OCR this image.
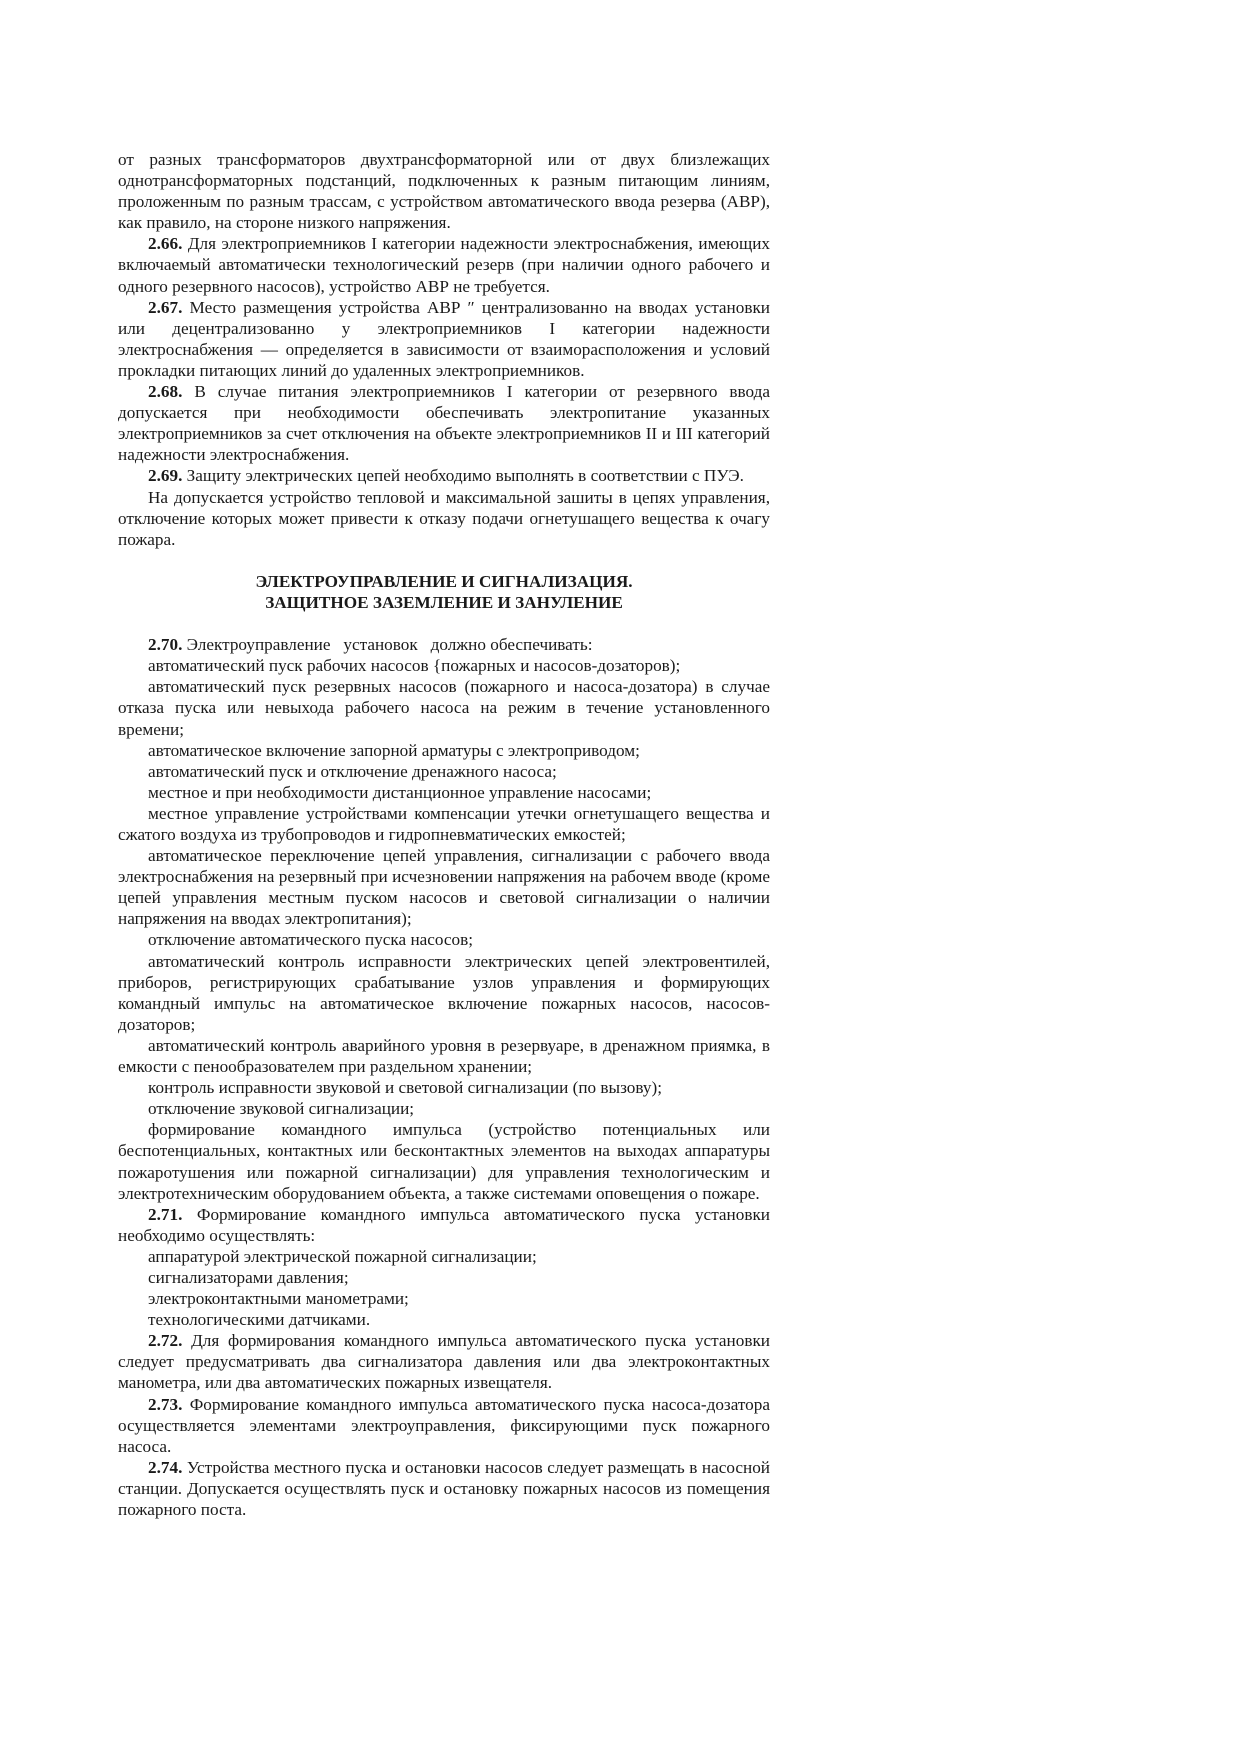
от разных трансформаторов двухтрансформаторной или от двух близлежащих однотрансформаторных подстанций, подключенных к разным питающим линиям, проложенным по разным трассам, с устройством автоматического ввода резерва (АВР), как правило, на стороне низкого напряжения.

2.66. Для электроприемников I категории надежности электроснабжения, имеющих включаемый автоматически технологический резерв (при наличии одного рабочего и одного резервного насосов), устройство АВР не требуется.

2.67. Место размещения устройства АВР ″ централизованно на вводах установки или децентрализованно у электроприемников I категории надежности электроснабжения — определяется в зависимости от взаиморасположения и условий прокладки питающих линий до удаленных электроприемников.

2.68. В случае питания электроприемников I категории от резервного ввода допускается при необходимости обеспечивать электропитание указанных электроприемников за счет отключения на объекте электроприемников II и III категорий надежности электроснабжения.

2.69. Защиту электрических цепей необходимо выполнять в соответствии с ПУЭ.

На допускается устройство тепловой и максимальной зашиты в цепях управления, отключение которых может привести к отказу подачи огнетушащего вещества к очагу пожара.

ЭЛЕКТРОУПРАВЛЕНИЕ И СИГНАЛИЗАЦИЯ.

ЗАЩИТНОЕ ЗАЗЕМЛЕНИЕ И ЗАНУЛЕНИЕ

2.70. Электроуправление   установок   должно обеспечивать:

автоматический пуск рабочих насосов {пожарных и насосов-дозаторов);

автоматический пуск резервных насосов (пожарного и насоса-дозатора) в случае отказа пуска или невыхода рабочего насоса на режим в течение установленного времени;

автоматическое включение запорной арматуры с электроприводом;

автоматический пуск и отключение дренажного насоса;

местное и при необходимости дистанционное управление насосами;

местное управление устройствами компенсации утечки огнетушащего вещества и сжатого воздуха из трубопроводов и гидропневматических емкостей;

автоматическое переключение цепей управления, сигнализации с рабочего ввода электроснабжения на резервный при исчезновении напряжения на рабочем вводе (кроме цепей управления местным пуском насосов и световой сигнализации о наличии напряжения на вводах электропитания);

отключение автоматического пуска насосов;

автоматический контроль исправности электрических цепей электровентилей, приборов, регистрирующих срабатывание узлов управления и формирующих командный импульс на автоматическое включение пожарных насосов, насосов-дозаторов;

автоматический контроль аварийного уровня в резервуаре, в дренажном приямка, в емкости с пенообразователем при раздельном хранении;

контроль исправности звуковой и световой сигнализации (по вызову);

отключение звуковой сигнализации;

формирование командного импульса (устройство потенциальных или беспотенциальных, контактных или бесконтактных элементов на выходах аппаратуры пожаротушения или пожарной сигнализации) для управления технологическим и электротехническим оборудованием объекта, а также системами оповещения о пожаре.

2.71. Формирование командного импульса автоматического пуска установки необходимо осуществлять:

аппаратурой электрической пожарной сигнализации;

сигнализаторами давления;

электроконтактными манометрами;

технологическими датчиками.

2.72. Для формирования командного импульса автоматического пуска установки следует предусматривать два сигнализатора давления или два электроконтактных манометра, или два автоматических пожарных извещателя.

2.73. Формирование командного импульса автоматического пуска насоса-дозатора осуществляется элементами электроуправления, фиксирующими пуск пожарного насоса.

2.74. Устройства местного пуска и остановки насосов следует размещать в насосной станции. Допускается осуществлять пуск и остановку пожарных насосов из помещения пожарного поста.
